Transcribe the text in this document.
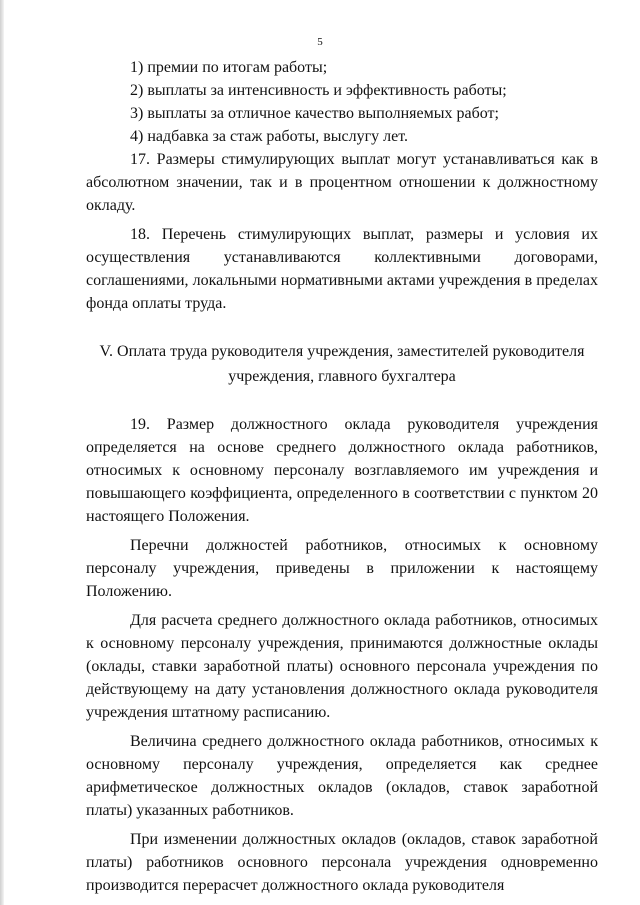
5
1) премии по итогам работы;
2) выплаты за интенсивность и эффективность работы;
3) выплаты за отличное качество выполняемых работ;
4) надбавка за стаж работы, выслугу лет.
17. Размеры стимулирующих выплат могут устанавливаться как в абсолютном значении, так и в процентном отношении к должностному окладу.
18. Перечень стимулирующих выплат, размеры и условия их осуществления устанавливаются коллективными договорами, соглашениями, локальными нормативными актами учреждения в пределах фонда оплаты труда.
V. Оплата труда руководителя учреждения, заместителей руководителя учреждения, главного бухгалтера
19. Размер должностного оклада руководителя учреждения определяется на основе среднего должностного оклада работников, относимых к основному персоналу возглавляемого им учреждения и повышающего коэффициента, определенного в соответствии с пунктом 20 настоящего Положения.
Перечни должностей работников, относимых к основному персоналу учреждения, приведены в приложении к настоящему Положению.
Для расчета среднего должностного оклада работников, относимых к основному персоналу учреждения, принимаются должностные оклады (оклады, ставки заработной платы) основного персонала учреждения по действующему на дату установления должностного оклада руководителя учреждения штатному расписанию.
Величина среднего должностного оклада работников, относимых к основному персоналу учреждения, определяется как среднее арифметическое должностных окладов (окладов, ставок заработной платы) указанных работников.
При изменении должностных окладов (окладов, ставок заработной платы) работников основного персонала учреждения одновременно производится перерасчет должностного оклада руководителя
